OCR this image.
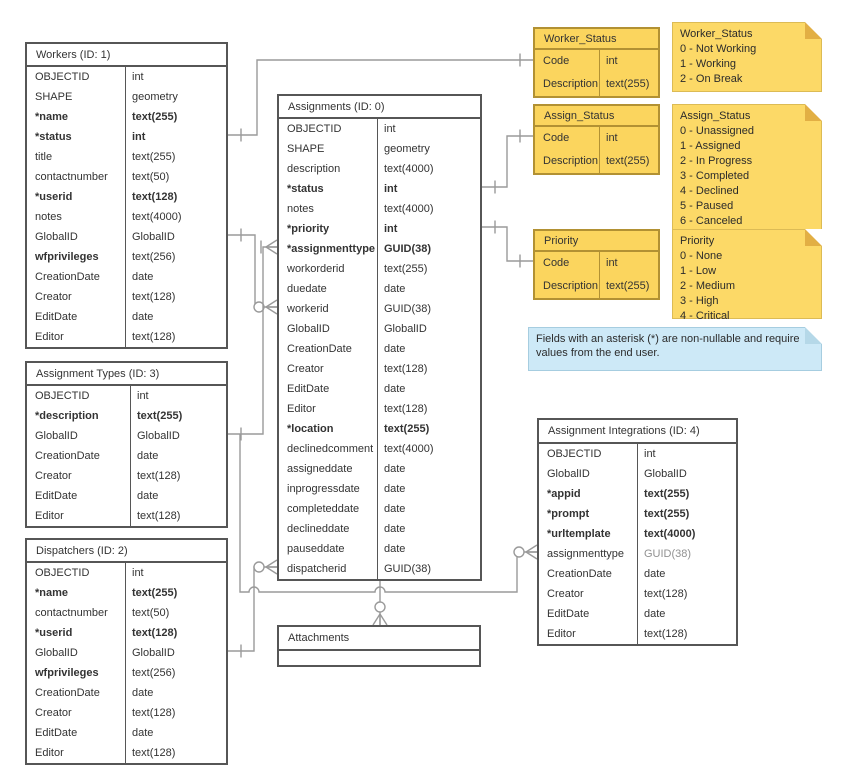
Workers (ID: 1)
OBJECTID	int
SHAPE	geometry
*name	text(255)
*status	int
title	text(255)
contactnumber text(50)
*userid	text(128)
notes	text(4000)
GlobalID	GlobalID
wfprivileges	text(256)
CreationDate	date
Creator	text(128)
EditDate	date
Editor	text(128)
Assignment Types (ID: 3)
OBJECTID	int
*description	text(255)
GlobalID	GlobalID
CreationDate	date
Creator	text(128)
EditDate	date
Editor	text(128)
Dispatchers (ID: 2)
OBJECTID	int
*name	text(255)
contactnumber text(50)
*userid	text(128)
GlobalID	GlobalID
wfprivileges	text(256)
CreationDate	date
Creator	text(128)
EditDate	date
Editor	text(128)
Assignments (ID: 0)
OBJECTID	int
SHAPE	geometry
description	text(4000)
*status	int
notes	text(4000)
*priority	int
*assignmenttype GUID(38)
workorderid	text(255)
duedate	date
workerid	GUID(38)
GlobalID	GlobalID
CreationDate	date
Creator	text(128)
EditDate	date
Editor	text(128)
*location	text(255)
declinedcomment text(4000)
assigneddate	date
inprogressdate date
completeddate date
declineddate	date
pauseddate	date
dispatcherid	GUID(38)
Assignment Integrations (ID: 4)
OBJECTID	int
GlobalID	GlobalID
*appid	text(255)
*prompt	text(255)
*urltemplate	text(4000)
assignmenttype GUID(38)
CreationDate	date
Creator	text(128)
EditDate	date
Editor	text(128)
Attachments
Worker_Status
Code	int
Description text(255)
Assign_Status
Code	int
Description text(255)
Priority
Code	int
Description text(255)
Worker_Status
0 - Not Working
1 - Working
2 - On Break
Assign_Status
0 - Unassigned
1 - Assigned
2 - In Progress
3 - Completed
4 - Declined
5 - Paused
6 - Canceled
Priority
0 - None
1 - Low
2 - Medium
3 - High
4 - Critical
Fields with an asterisk (*) are non-nullable and require values from the end user.
